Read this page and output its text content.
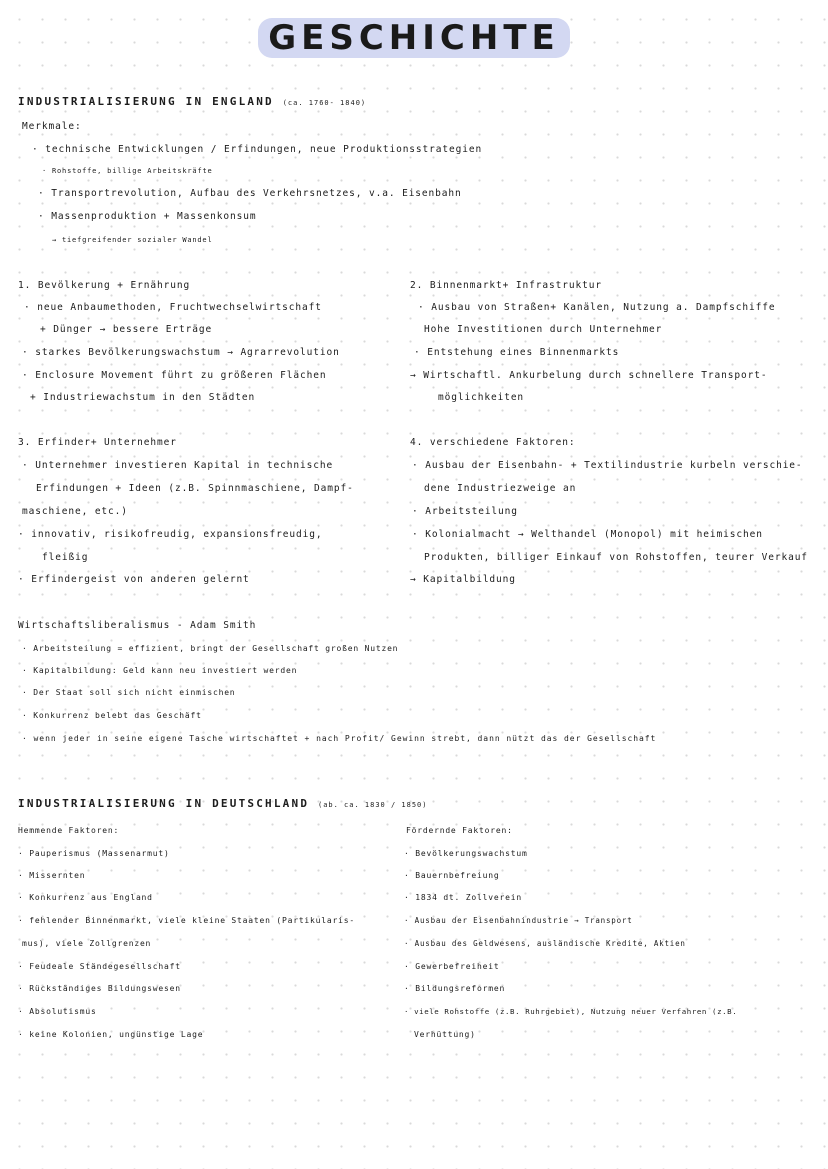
GESCHICHTE
INDUSTRIALISIERUNG IN ENGLAND (ca. 1760- 1840)
Merkmale:
· technische Entwicklungen / Erfindungen, neue Produktionsstrategien
· Rohstoffe, billige Arbeitskräfte
· Transportrevolution, Aufbau des Verkehrsnetzes, v.a. Eisenbahn
· Massenproduktion + Massenkonsum
→ tiefgreifender sozialer Wandel
1. Bevölkerung + Ernährung
· neue Anbaumethoden, Fruchtwechselwirtschaft
+ Dünger → bessere Erträge
· starkes Bevölkerungswachstum → Agrarrevolution
· Enclosure Movement führt zu größeren Flächen
+ Industriewachstum in den Städten
2. Binnenmarkt+ Infrastruktur
· Ausbau von Straßen+ Kanälen, Nutzung a. Dampfschiffe
Hohe Investitionen durch Unternehmer
· Entstehung eines Binnenmarkts
→ Wirtschaftl. Ankurbelung durch schnellere Transport-
möglichkeiten
3. Erfinder+ Unternehmer
· Unternehmer investieren Kapital in technische
Erfindungen + Ideen (z.B. Spinnmaschiene, Dampf-
maschiene, etc.)
· innovativ, risikofreudig, expansionsfreudig,
fleißig
· Erfindergeist von anderen gelernt
4. verschiedene Faktoren:
· Ausbau der Eisenbahn- + Textilindustrie kurbeln verschie-
dene Industriezweige an
· Arbeitsteilung
· Kolonialmacht → Welthandel (Monopol) mit heimischen
Produkten, billiger Einkauf von Rohstoffen, teurer Verkauf
→ Kapitalbildung
Wirtschaftsliberalismus - Adam Smith
· Arbeitsteilung = effizient, bringt der Gesellschaft großen Nutzen
· Kapitalbildung: Geld kann neu investiert werden
· Der Staat soll sich nicht einmischen
· Konkurrenz belebt das Geschäft
· wenn jeder in seine eigene Tasche wirtschaftet + nach Profit/ Gewinn strebt, dann nützt das der Gesellschaft
INDUSTRIALISIERUNG IN DEUTSCHLAND (ab. ca. 1830 / 1850)
Hemmende Faktoren:
· Pauperismus (Massenarmut)
· Missernten
· Konkurrenz aus England
· fehlender Binnenmarkt, viele kleine Staaten (Partikularis-
mus), viele Zollgrenzen
· Feudeale Ständegesellschaft
· Rückständiges Bildungswesen
· Absolutismus
· keine Kolonien, ungünstige Lage
Fördernde Faktoren:
· Bevölkerungswachstum
· Bauernbefreiung
· 1834 dt. Zollverein
· Ausbau der Eisenbahnindustrie → Transport
· Ausbau des Geldwesens, ausländische Kredite, Aktien
· Gewerbefreiheit
· Bildungsreformen
· viele Rohstoffe (z.B. Ruhrgebiet), Nutzung neuer Verfahren (z.B.
Verhüttung)
